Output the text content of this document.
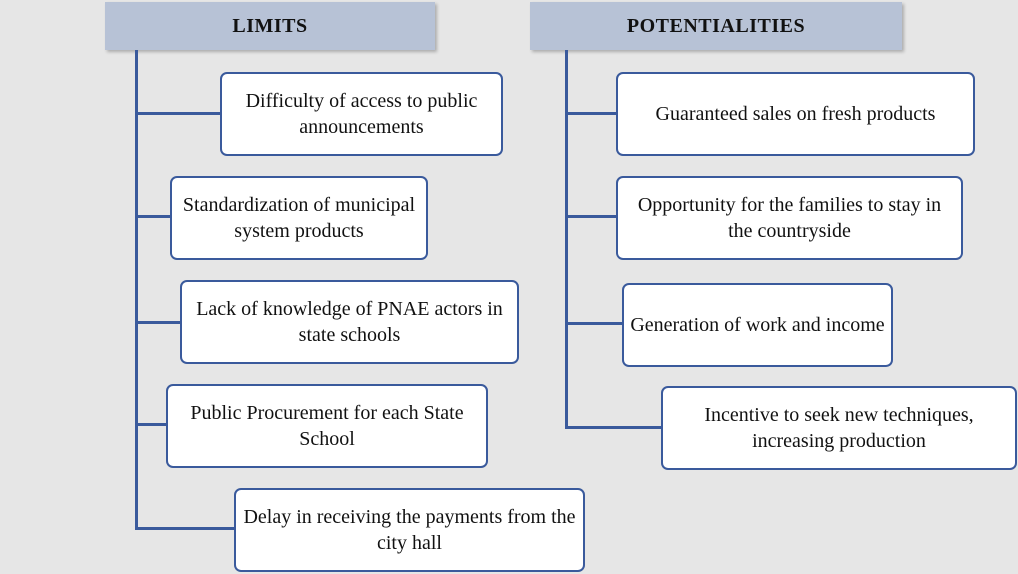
LIMITS	POTENTIALITIES
Difficulty of access to public announcements
Standardization of municipal system products
Lack of knowledge of PNAE actors in state schools
Public Procurement for each State School
Delay in receiving the payments from the city hall
Guaranteed sales on fresh products
Opportunity for the families to stay in the countryside
Generation of work and income
Incentive to seek new techniques, increasing production
